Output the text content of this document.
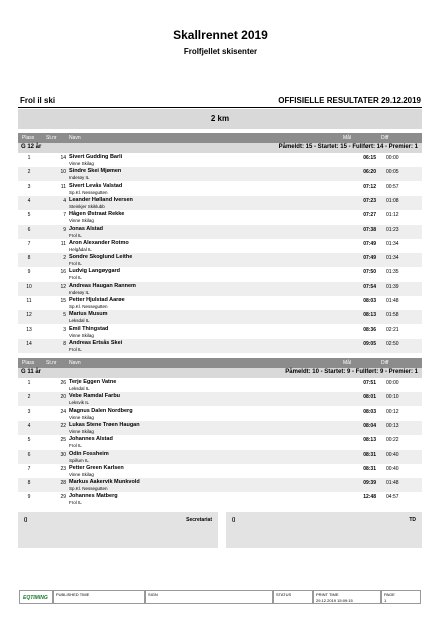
Skallrennet 2019
Frolfjellet skisenter
Frol il ski	OFFISIELLE RESULTATER 29.12.2019
2 km
Plass St.nr Navn	Mål	Diff
G 12 år	Påmeldt: 15 - Startet: 15 - Fullført: 14 - Premier: 1
1	14 Sivert Gudding Barli
Vinne Skilag
06:15 00:00
2	10 Sindre Skei Mjømen
Inderøy IL
06:20 00:05
3	11 Sivert Levås Valstad
Sp.Kl. Nessegutten
07:12 00:57
4	4 Leander Hølland Iversen
Steinkjer Skiklubb
07:23 01:08
5	7 Hågen Østraat Rekke
Vinne Skilag
07:27 01:12
6	9 Jonas Alstad
Frol IL
07:38 01:23
7	11 Aron Alexander Rotmo
Helgådal IL
07:49 01:34
8	2 Sondre Skoglund Leithe
Frol IL
07:49 01:34
9	16 Ludvig Langøygard
Frol IL
07:50 01:35
10	12 Andreas Haugan Rannem
Inderøy IL
07:54 01:39
11	15 Petter Hjulstad Aarøe
Sp.Kl. Nessegutten
08:03 01:48
12	5 Marius Musum
Leksdal IL
08:13 01:58
13	3 Emil Thingstad
Vinne Skilag
08:36 02:21
14	8 Andreas Ertsås Skei
Frol IL
09:05 02:50
Plass St.nr Navn	Mål	Diff
G 11 år	Påmeldt: 10 - Startet: 9 - Fullført: 9 - Premier: 1
1	26 Terje Eggen Vatne
Leksdal IL
07:51 00:00
2	20 Vebe Ramdal Farbu
Leksvik IL
08:01 00:10
3	24 Magnus Dalen Nordberg
Vinne Skilag
08:03 00:12
4	22 Lukas Stene Trøen Haugan
Vinne Skilag
08:04 00:13
5	25 Johannes Alstad
Frol IL
08:13 00:22
6	30 Odin Fossheim
Spillum IL
08:31 00:40
7	23 Petter Green Karlsen
Vinne Skilag
08:31 00:40
8	28 Markus Aakervik Munkvold
Sp.Kl. Nessegutten
09:39 01:48
9	29 Johannes Matberg
Frol IL
12:48 04:57
()	Secretariat	()	TD
EQTIMING
PUBLISHED TIME	SIGN	STATUS	PRINT TIME
29.12.2019 15:09:15
PAGE
1
